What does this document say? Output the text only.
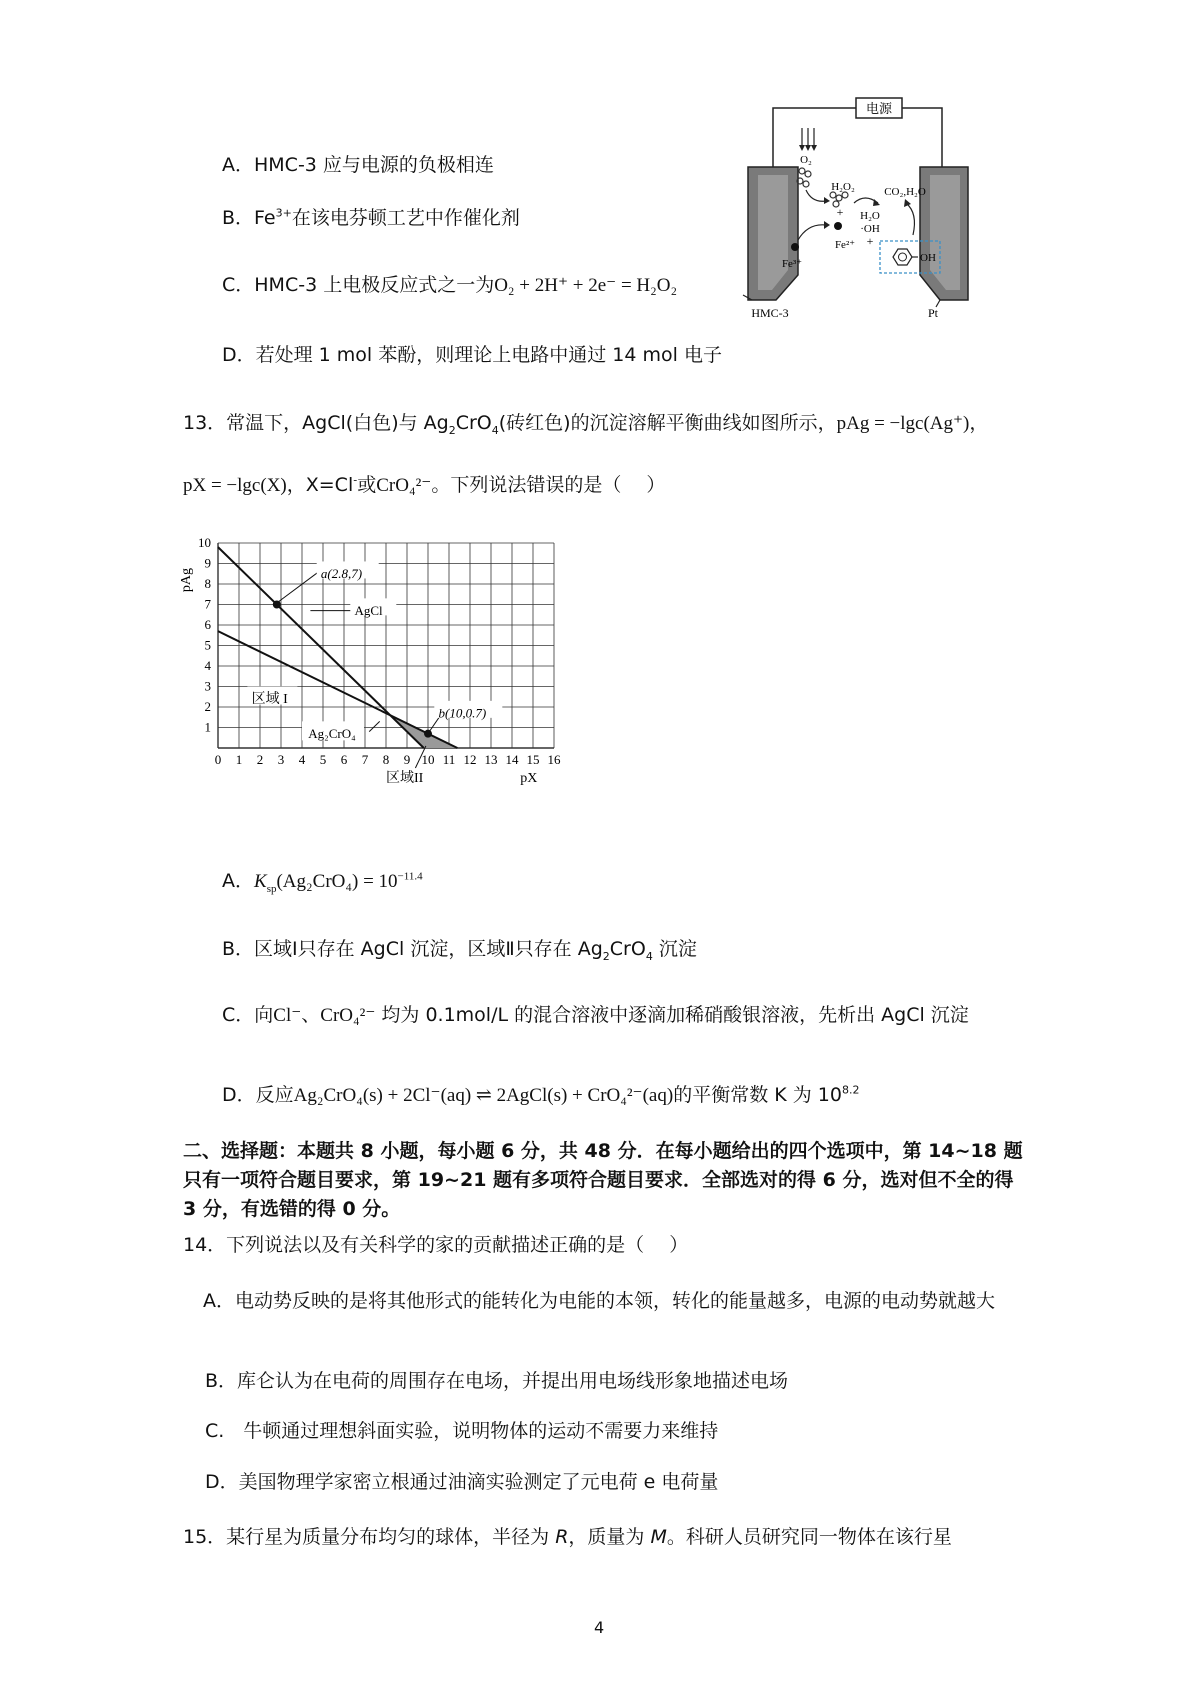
A．HMC-3 应与电源的负极相连
B．$Fe^{3+}$在该电芬顿工艺中作催化剂
C．HMC-3 上电极反应式之一为O₂ + 2H⁺ + 2e⁻ = H₂O₂
D．若处理 1 mol 苯酚，则理论上电路中通过 14 mol 电子
电源
O₂
H₂O₂
+
Fe²⁺
H₂O
·OH
+
CO₂,H₂O
OH
Fe³⁺
HMC-3	Pt
13．常温下，AgCl(白色)与 $Ag_2CrO_4$(砖红色)的沉淀溶解平衡曲线如图所示，pAg = −lgc(Ag⁺)，
pX = −lgc(X)，X=Cl-或CrO₄²⁻。下列说法错误的是（　 ）
0 1 2 3 4 5 6 7 8 9 10 11 12 13 14 15 16
1
2
3
4
5
6
7
8
9
10
pX
pAg	a(2.8,7)
b(10,0.7)
AgCl
Ag₂CrO₄
区域 I
区域II
A．$K_{sp}(Ag_2CrO_4) = 10^{-11.4}$
B．区域Ⅰ只存在 AgCl 沉淀，区域Ⅱ只存在 $Ag_2CrO_4$ 沉淀
C．向Cl⁻、CrO₄²⁻ 均为 0.1mol/L 的混合溶液中逐滴加稀硝酸银溶液，先析出 AgCl 沉淀
D．反应Ag₂CrO₄(s) + 2Cl⁻(aq) ⇌ 2AgCl(s) + CrO₄²⁻(aq)的平衡常数 K 为 $10^{8.2}$
二、选择题：本题共 8 小题，每小题 6 分，共 48 分．在每小题给出的四个选项中，第 14~18 题只有一项符合题目要求，第 19~21 题有多项符合题目要求．全部选对的得 6 分，选对但不全的得 3 分，有选错的得 0 分。
14．下列说法以及有关科学的家的贡献描述正确的是（　 ）
A．电动势反映的是将其他形式的能转化为电能的本领，转化的能量越多，电源的电动势就越大
B．库仑认为在电荷的周围存在电场，并提出用电场线形象地描述电场
C.　牛顿通过理想斜面实验，说明物体的运动不需要力来维持
D．美国物理学家密立根通过油滴实验测定了元电荷 e 电荷量
15．某行星为质量分布均匀的球体，半径为 R，质量为 M。科研人员研究同一物体在该行星
4
